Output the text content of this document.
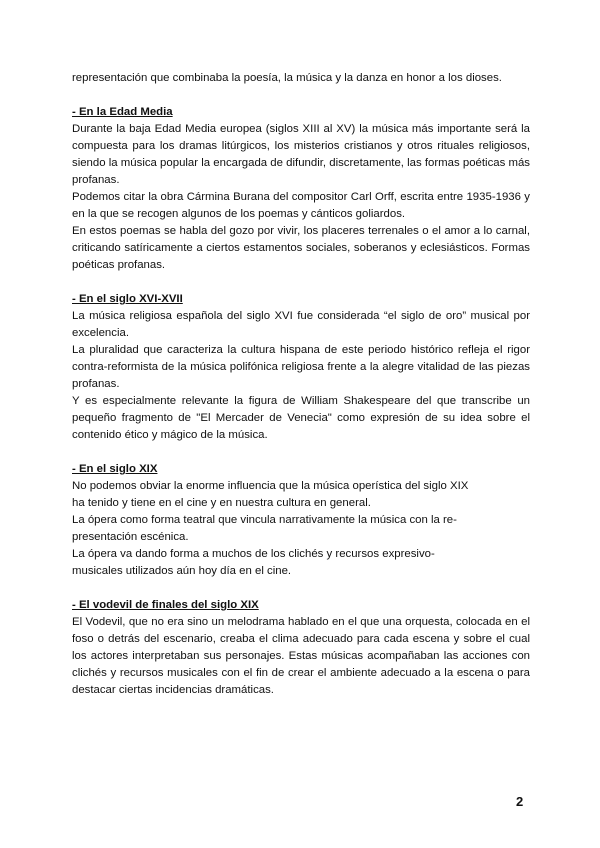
representación que combinaba la poesía, la música y la danza en honor a los dioses.

- En la Edad Media

Durante la baja Edad Media europea (siglos XIII al XV) la música más importante será la compuesta para los dramas litúrgicos, los misterios cristianos y otros rituales religiosos, siendo la música popular la encargada de difundir, discretamente, las formas poéticas más profanas.

Podemos citar la obra Cármina Burana del compositor Carl Orff, escrita entre 1935-1936 y en la que se recogen algunos de los poemas y cánticos goliardos.

En estos poemas se habla del gozo por vivir, los placeres terrenales o el amor a lo carnal, criticando satíricamente a ciertos estamentos sociales, soberanos y eclesiásticos. Formas poéticas profanas.

- En el siglo XVI-XVII

La música religiosa española del siglo XVI fue considerada “el siglo de oro” musical por excelencia.

La pluralidad que caracteriza la cultura hispana de este periodo histórico refleja el rigor contra-reformista de la música polifónica religiosa frente a la alegre vitalidad de las piezas profanas.

Y es especialmente relevante la figura de William Shakespeare del que transcribe un pequeño fragmento de "El Mercader de Venecia" como expresión de su idea sobre el contenido ético y mágico de la música.

- En el siglo XIX

No podemos obviar la enorme influencia que la música operística del siglo XIX

ha tenido y tiene en el cine y en nuestra cultura en general.

La ópera como forma teatral que vincula narrativamente la música con la re-

presentación escénica.

La ópera va dando forma a muchos de los clichés y recursos expresivo-

musicales utilizados aún hoy día en el cine.

- El vodevil de finales del siglo XIX

El Vodevil, que no era sino un melodrama hablado en el que una orquesta, colocada en el foso o detrás del escenario, creaba el clima adecuado para cada escena y sobre el cual los actores interpretaban sus personajes. Estas músicas acompañaban las acciones con clichés y recursos musicales con el fin de crear el ambiente adecuado a la escena o para destacar ciertas incidencias dramáticas.

2
